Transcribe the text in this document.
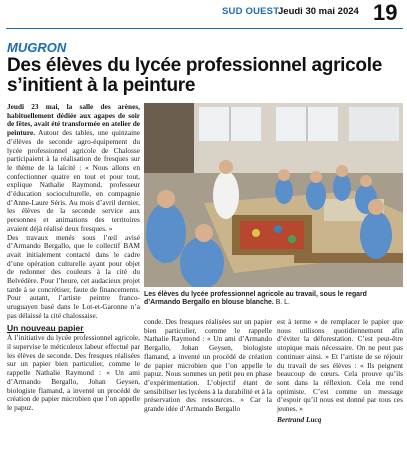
SUD OUEST
Jeudi 30 mai 2024 19
MUGRON
Des élèves du lycée professionnel agricole s’initient à la peinture

Jeudi 23 mai, la salle des arènes, habituellement dédiée aux agapes de soir de fêtes, avait été transformée en atelier de peinture. Autour des tables, une quinzaine d’élèves de seconde agro-équipement du lycée professionnel agricole de Chalosse participaient à la réalisation de fresques sur le thème de la laïcité : « Nous allons en confectionner quatre en tout et pour tout, explique Nathalie Raymond, professeur d’éducation socioculturelle, en compagnie d’Anne-Laure Séris. Au mois d’avril dernier, les élèves de la seconde service aux personnes et animations des territoires avaient déjà réalisé deux fresques. »

Des travaux menés sous l’œil avisé d’Armando Bergallo, que le collectif BAM avait initialement contacté dans le cadre d’une opération culturelle ayant pour objet de redonner des couleurs à la cité du Belvédère. Pour l’heure, cet audacieux projet tarde à se concrétiser, faute de financements. Pour autant, l’artiste peintre franco-uruguayen basé dans le Lot-et-Garonne n’a pas délaissé la cité chalossaise.

Un nouveau papier

À l’initiative du lycée professionnel agricole, il supervise le méticuleux labeur effectué par les élèves de seconde. Des fresques réalisées sur un papier bien particulier, comme le rappelle Nathalie Raymond : « Un ami d’Armando Bergallo, Johan Geysen, biologiste flamand, a inventé un procédé de création de papier microbien que l’on appelle le papuz.

Les élèves du lycée professionnel agricole au travail, sous le regard d’Armando Bergallo en blouse blanche. B. L.

conde. Des fresques réalisées sur un papier bien particulier, comme le rappelle Nathalie Raymond : « Un ami d’Armando Bergallo, Johan Geysen, biologiste flamand, a inventé un procédé de création de papier microbien que l’on appelle le papuz. Nous sommes un petit peu en phase d’expérimentation. L’objectif étant de sensibiliser les lycéens à la durabilité et à la préservation des ressources. » Car la grande idée d’Armando Bergallo

est à terme « de remplacer le papier que nous utilisons quotidiennement afin d’éviter la déforestation. C’est peut-être utopique mais nécessaire. On ne peut pas continuer ainsi. » Et l’artiste de se réjouir du travail de ses élèves : « Ils peignent beaucoup de cœurs. Cela prouve qu’ils sont dans la réflexion. Cela me rend optimiste. C’est comme un message d’espoir qu’il nous est donné par tous ces jeunes. »

Bertrand Lucq
